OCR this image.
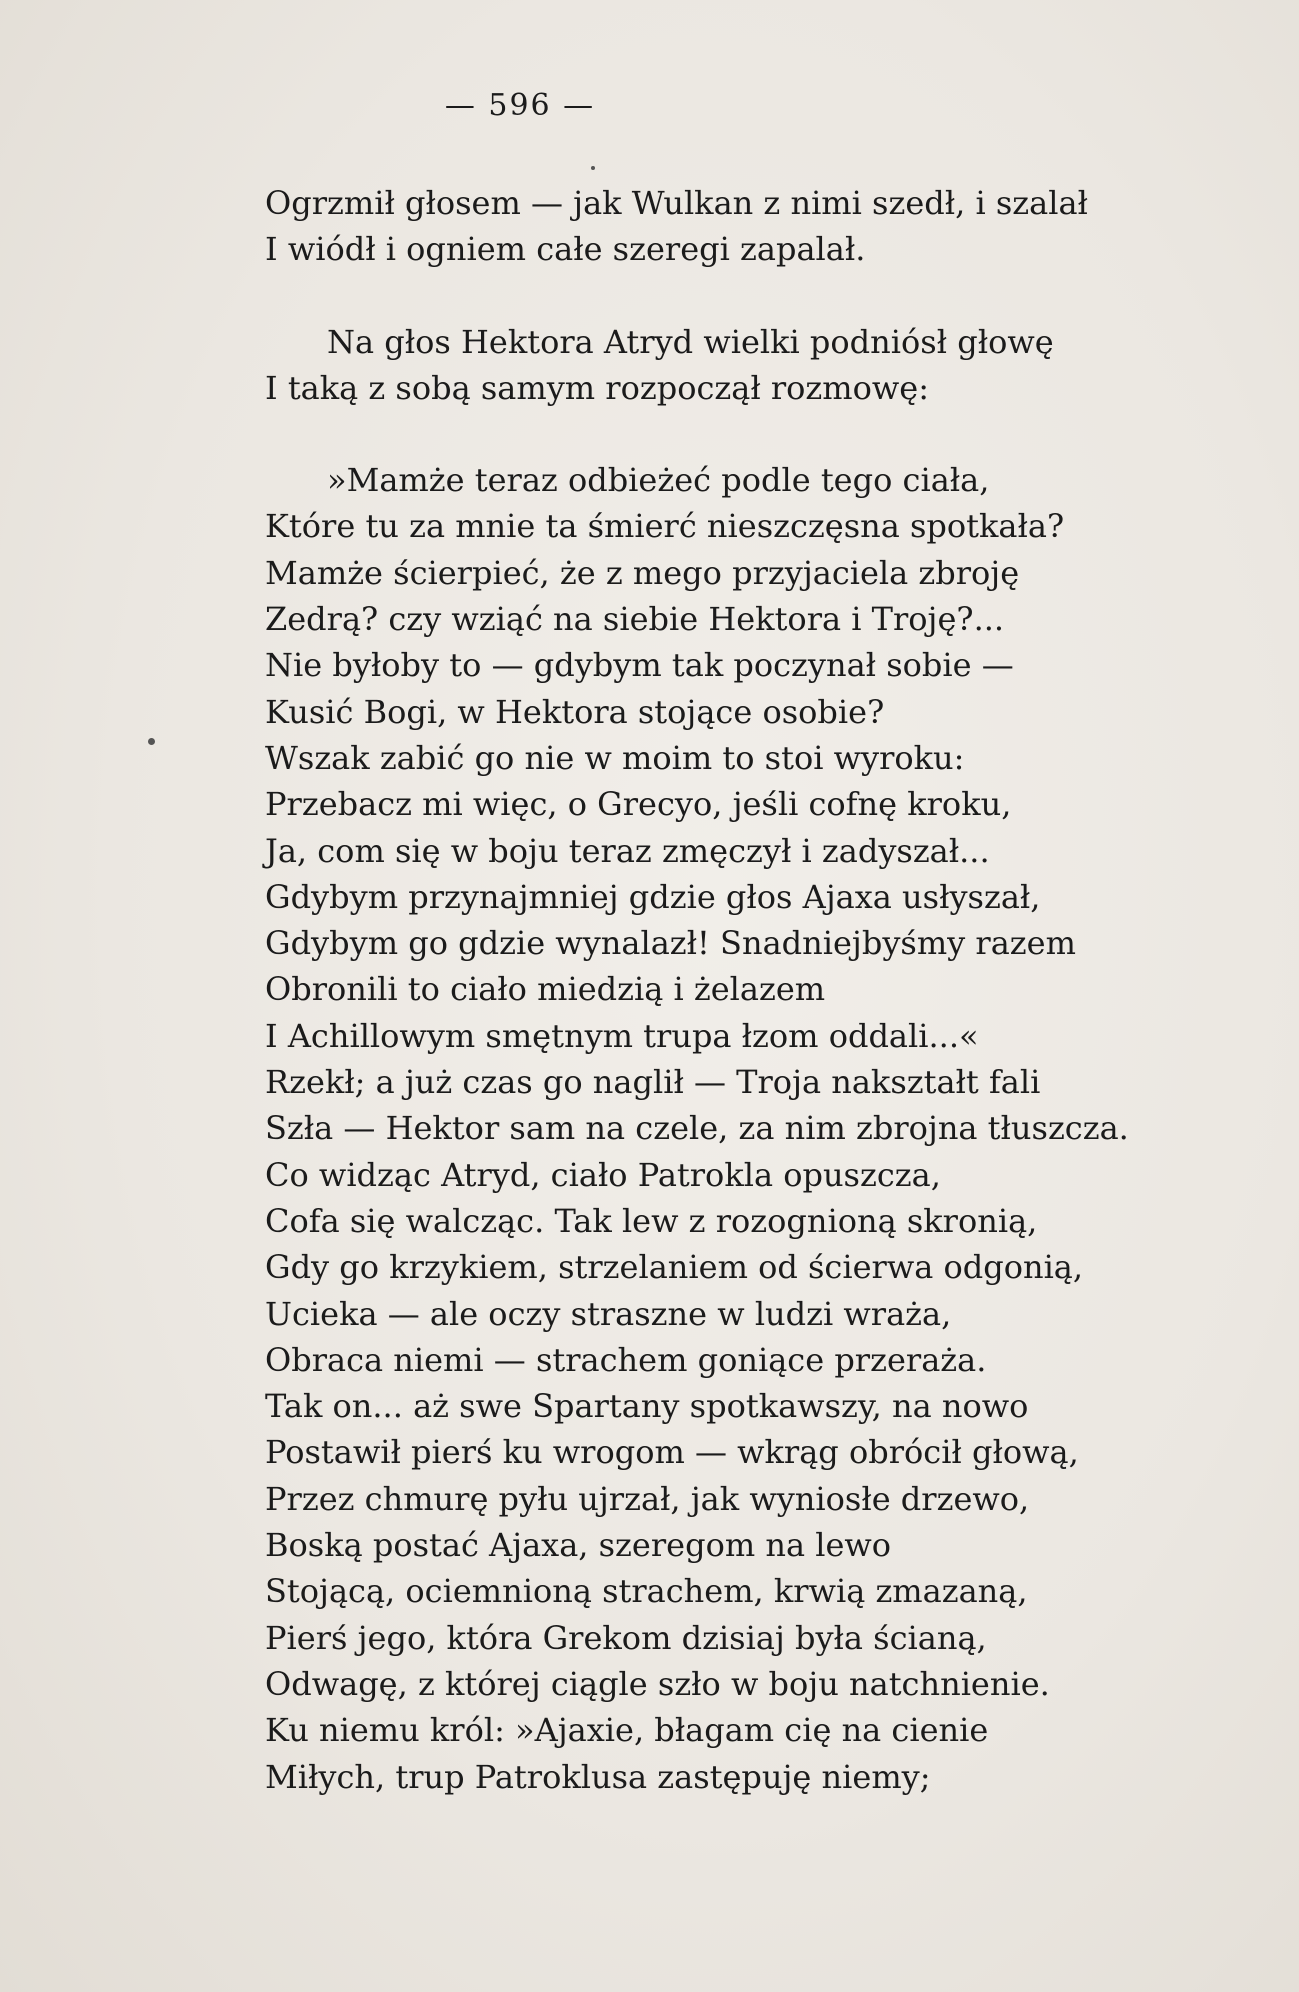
— 596 —
Ogrzmił głosem — jak Wulkan z nimi szedł, i szalał
I wiódł i ogniem całe szeregi zapalał.
Na głos Hektora Atryd wielki podniósł głowę
I taką z sobą samym rozpoczął rozmowę:
»Mamże teraz odbieżeć podle tego ciała,
Które tu za mnie ta śmierć nieszczęsna spotkała?
Mamże ścierpieć, że z mego przyjaciela zbroję
Zedrą? czy wziąć na siebie Hektora i Troję?...
Nie byłoby to — gdybym tak poczynał sobie —
Kusić Bogi, w Hektora stojące osobie?
Wszak zabić go nie w moim to stoi wyroku:
Przebacz mi więc, o Grecyo, jeśli cofnę kroku,
Ja, com się w boju teraz zmęczył i zadyszał...
Gdybym przynajmniej gdzie głos Ajaxa usłyszał,
Gdybym go gdzie wynalazł! Snadniejbyśmy razem
Obronili to ciało miedzią i żelazem
I Achillowym smętnym trupa łzom oddali...«
Rzekł; a już czas go naglił — Troja nakształt fali
Szła — Hektor sam na czele, za nim zbrojna tłuszcza.
Co widząc Atryd, ciało Patrokla opuszcza,
Cofa się walcząc. Tak lew z rozognioną skronią,
Gdy go krzykiem, strzelaniem od ścierwa odgonią,
Ucieka — ale oczy straszne w ludzi wraża,
Obraca niemi — strachem goniące przeraża.
Tak on... aż swe Spartany spotkawszy, na nowo
Postawił pierś ku wrogom — wkrąg obrócił głową,
Przez chmurę pyłu ujrzał, jak wyniosłe drzewo,
Boską postać Ajaxa, szeregom na lewo
Stojącą, ociemnioną strachem, krwią zmazaną,
Pierś jego, która Grekom dzisiaj była ścianą,
Odwagę, z której ciągle szło w boju natchnienie.
Ku niemu król: »Ajaxie, błagam cię na cienie
Miłych, trup Patroklusa zastępuję niemy;
